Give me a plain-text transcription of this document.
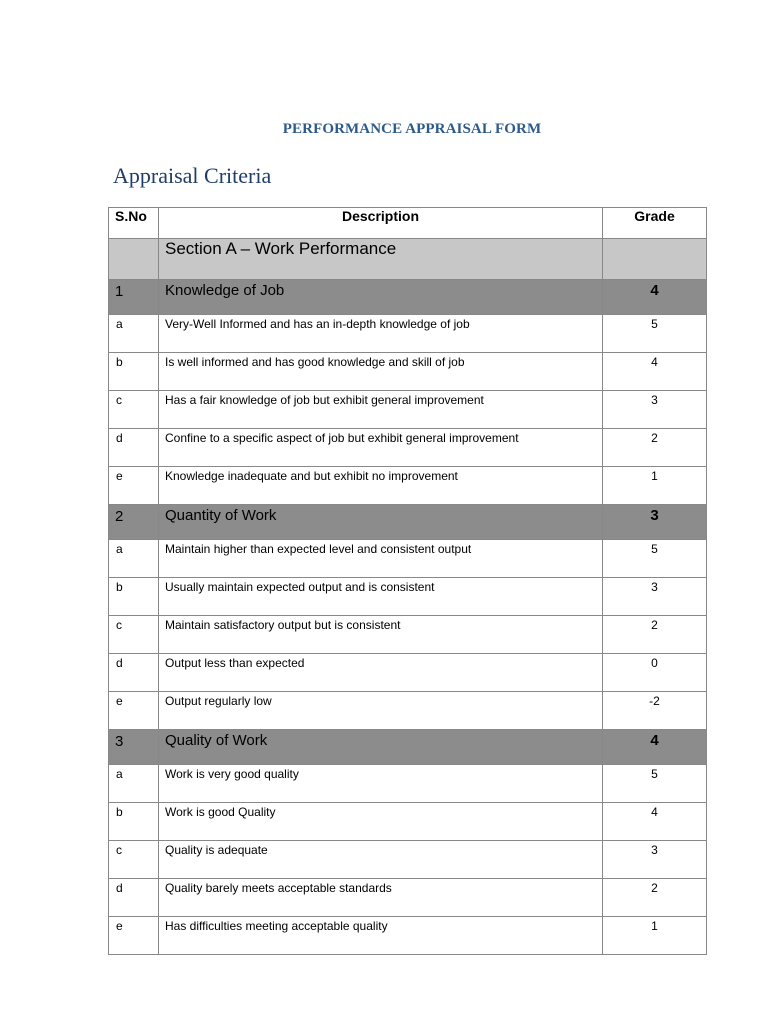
PERFORMANCE APPRAISAL FORM
Appraisal Criteria
S.No	Description	Grade
	Section A – Work Performance	
1	Knowledge of Job	4
a	Very-Well Informed and has an in-depth knowledge of job	5
b	Is well informed and has good knowledge and skill of job	4
c	Has a fair knowledge of job but exhibit general improvement	3
d	Confine to a specific aspect of job but exhibit general improvement	2
e	Knowledge inadequate and but exhibit no improvement	1
2	Quantity of Work	3
a	Maintain higher than expected level and consistent output	5
b	Usually maintain expected output and is consistent	3
c	Maintain satisfactory output but is consistent	2
d	Output less than expected	0
e	Output regularly low	-2
3	Quality of Work	4
a	Work is very good quality	5
b	Work is good Quality	4
c	Quality is adequate	3
d	Quality barely meets acceptable standards	2
e	Has difficulties meeting acceptable quality	1
